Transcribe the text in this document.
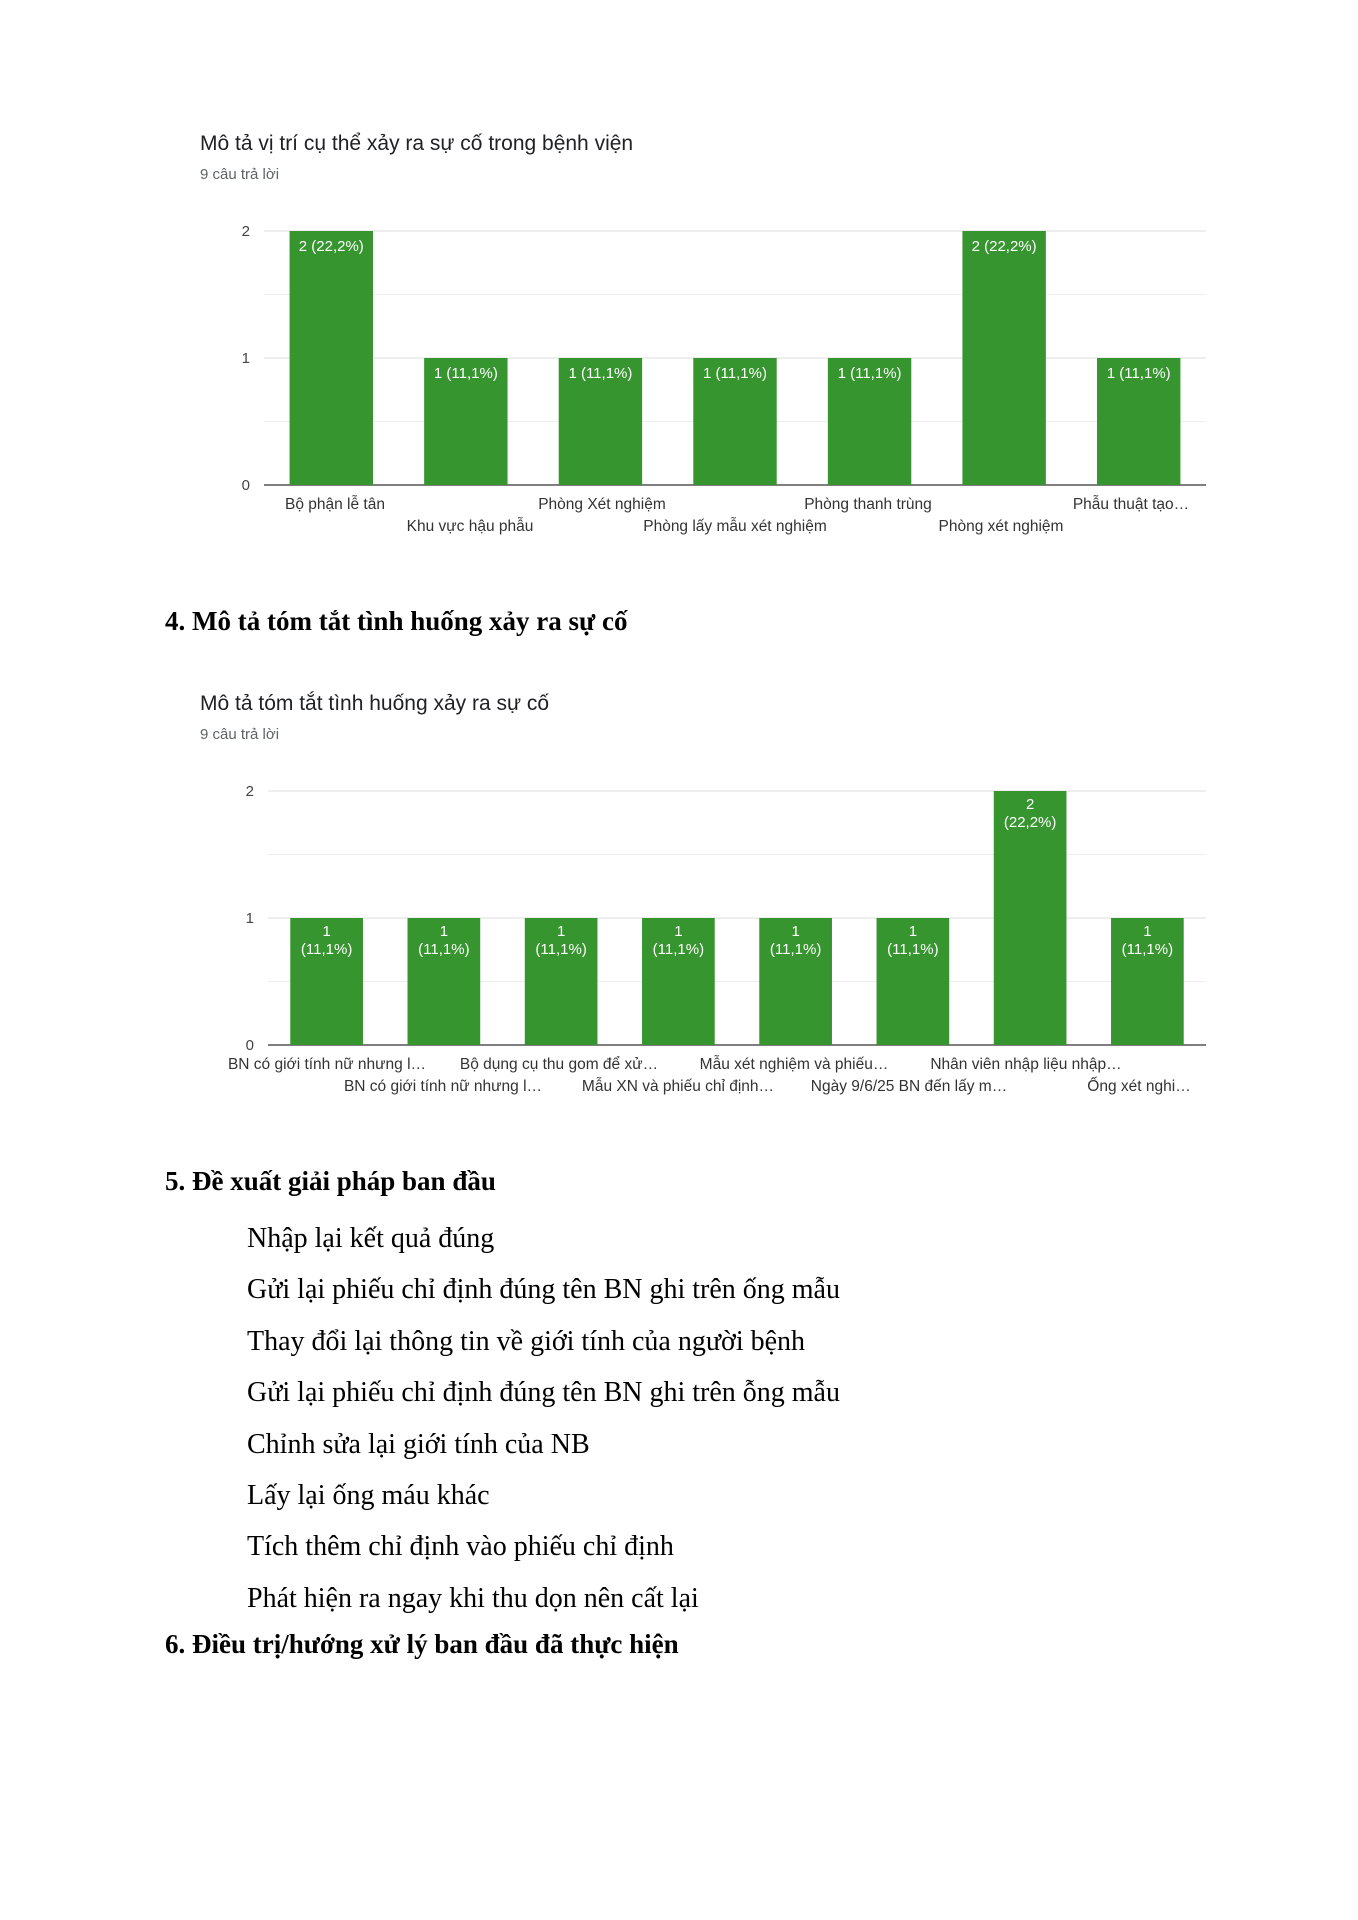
Mô tả vị trí cụ thể xảy ra sự cố trong bệnh viện
9 câu trả lời
0
1
2
2 (22,2%)
1 (11,1%)	1 (11,1%)	1 (11,1%)	1 (11,1%)
2 (22,2%)
1 (11,1%)
Bộ phận lễ tân
Khu vực hậu phẫu
Phòng Xét nghiệm
Phòng lấy mẫu xét nghiệm
Phòng thanh trùng
Phòng xét nghiệm
Phẫu thuật tạo…
4. Mô tả tóm tắt tình huống xảy ra sự cố
Mô tả tóm tắt tình huống xảy ra sự cố
9 câu trả lời
0
1
2
1
(11,1%)
1
(11,1%)
1
(11,1%)
1
(11,1%)
1
(11,1%)
1
(11,1%)
2
(22,2%)
1
(11,1%)
BN có giới tính nữ nhưng l…
BN có giới tính nữ nhưng l…
Bộ dụng cụ thu gom để xử…
Mẫu XN và phiếu chỉ định…
Mẫu xét nghiệm và phiếu…
Ngày 9/6/25 BN đến lấy m…
Nhân viên nhập liệu nhập…
Ống xét nghi…
5. Đề xuất giải pháp ban đầu
Nhập lại kết quả đúng
Gửi lại phiếu chỉ định đúng tên BN ghi trên ống mẫu
Thay đổi lại thông tin về giới tính của người bệnh
Gửi lại phiếu chỉ định đúng tên BN ghi trên ỗng mẫu
Chỉnh sửa lại giới tính của NB
Lấy lại ống máu khác
Tích thêm chỉ định vào phiếu chỉ định
Phát hiện ra ngay khi thu dọn nên cất lại
6. Điều trị/hướng xử lý ban đầu đã thực hiện
